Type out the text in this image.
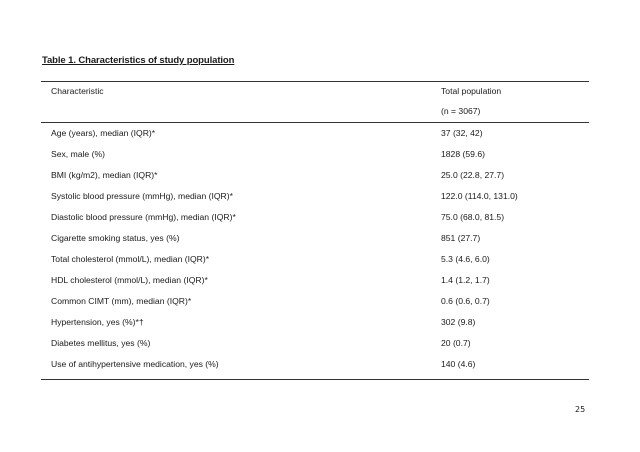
Table 1. Characteristics of study population
Characteristic	Total population
(n = 3067)
Age (years), median (IQR)*	37 (32, 42)
Sex, male (%)	1828 (59.6)
BMI (kg/m2), median (IQR)*	25.0 (22.8, 27.7)
Systolic blood pressure (mmHg), median (IQR)*	122.0 (114.0, 131.0)
Diastolic blood pressure (mmHg), median (IQR)*	75.0 (68.0, 81.5)
Cigarette smoking status, yes (%)	851 (27.7)
Total cholesterol (mmol/L), median (IQR)*	5.3 (4.6, 6.0)
HDL cholesterol (mmol/L), median (IQR)*	1.4 (1.2, 1.7)
Common CIMT (mm), median (IQR)*	0.6 (0.6, 0.7)
Hypertension, yes (%)*†	302 (9.8)
Diabetes mellitus, yes (%)	20 (0.7)
Use of antihypertensive medication, yes (%)	140 (4.6)
25
